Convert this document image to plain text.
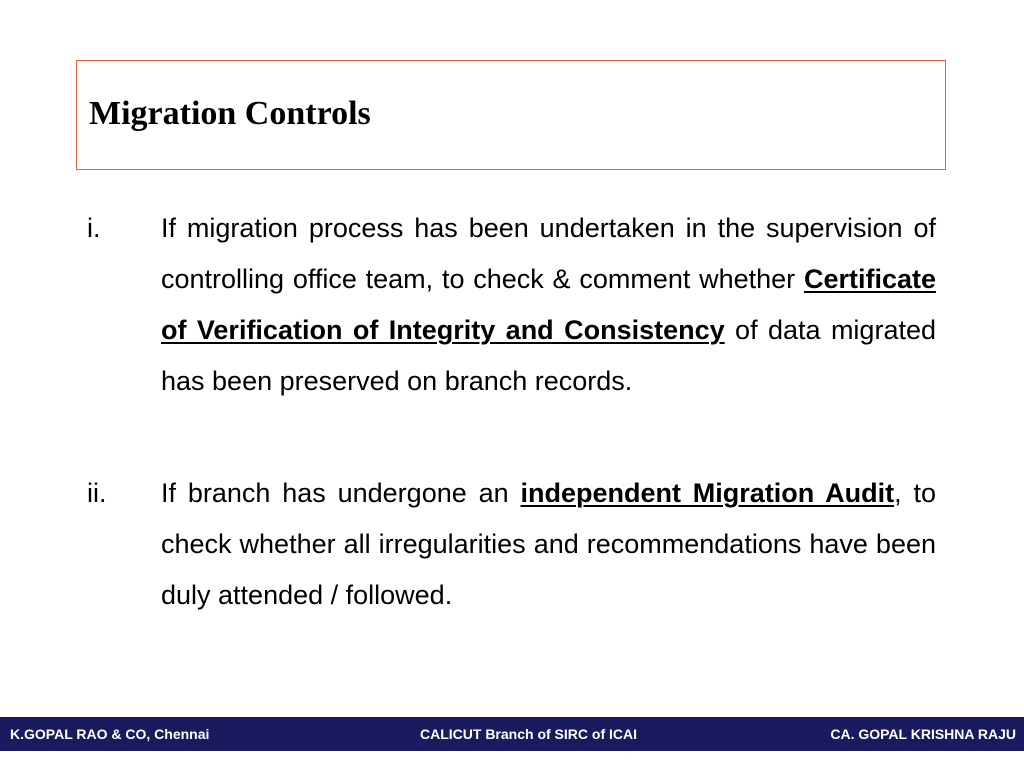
Migration Controls
i. If migration process has been undertaken in the supervision of controlling office team, to check & comment whether Certificate of Verification of Integrity and Consistency of data migrated has been preserved on branch records.
ii. If branch has undergone an independent Migration Audit, to check whether all irregularities and recommendations have been duly attended / followed.
K.GOPAL RAO & CO, Chennai	CALICUT Branch of SIRC of ICAI	CA. GOPAL KRISHNA RAJU
